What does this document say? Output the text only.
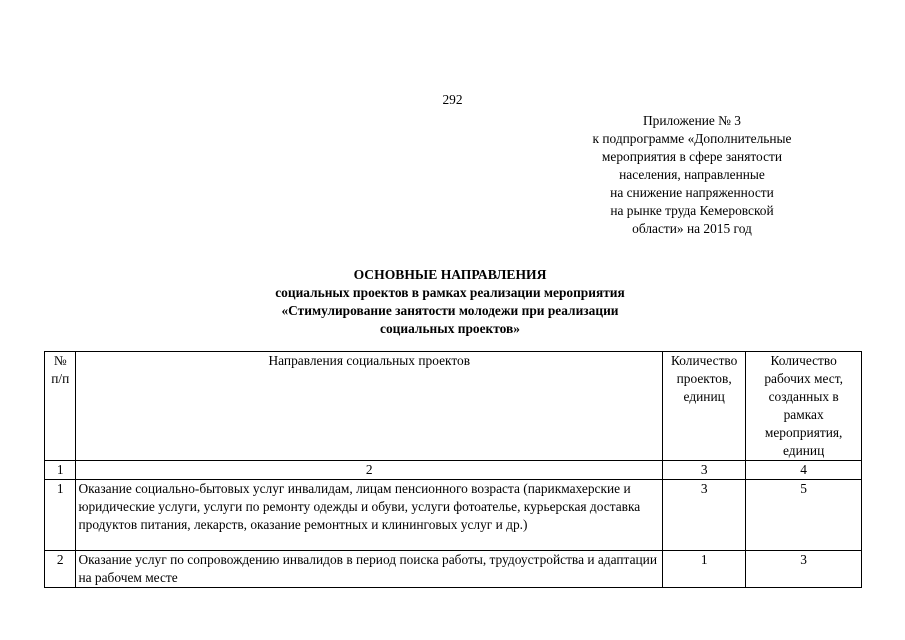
292
Приложение № 3
к подпрограмме «Дополнительные
мероприятия в сфере занятости
населения, направленные
на снижение напряженности
на рынке труда Кемеровской
области» на 2015 год
ОСНОВНЫЕ НАПРАВЛЕНИЯ
социальных проектов в рамках реализации мероприятия
«Стимулирование занятости молодежи при реализации
социальных проектов»
№ п/п	Направления социальных проектов	Количество проектов, единиц	Количество рабочих мест, созданных в рамках мероприятия, единиц
1	2	3	4
1	Оказание социально-бытовых услуг инвалидам, лицам пенсионного возраста (парикмахерские и юридические услуги, услуги по ремонту одежды и обуви, услуги фотоателье, курьерская доставка продуктов питания, лекарств, оказание ремонтных и клининговых услуг и др.)	3	5
2	Оказание услуг по сопровождению инвалидов в период поиска работы, трудоустройства и адаптации на рабочем месте	1	3
